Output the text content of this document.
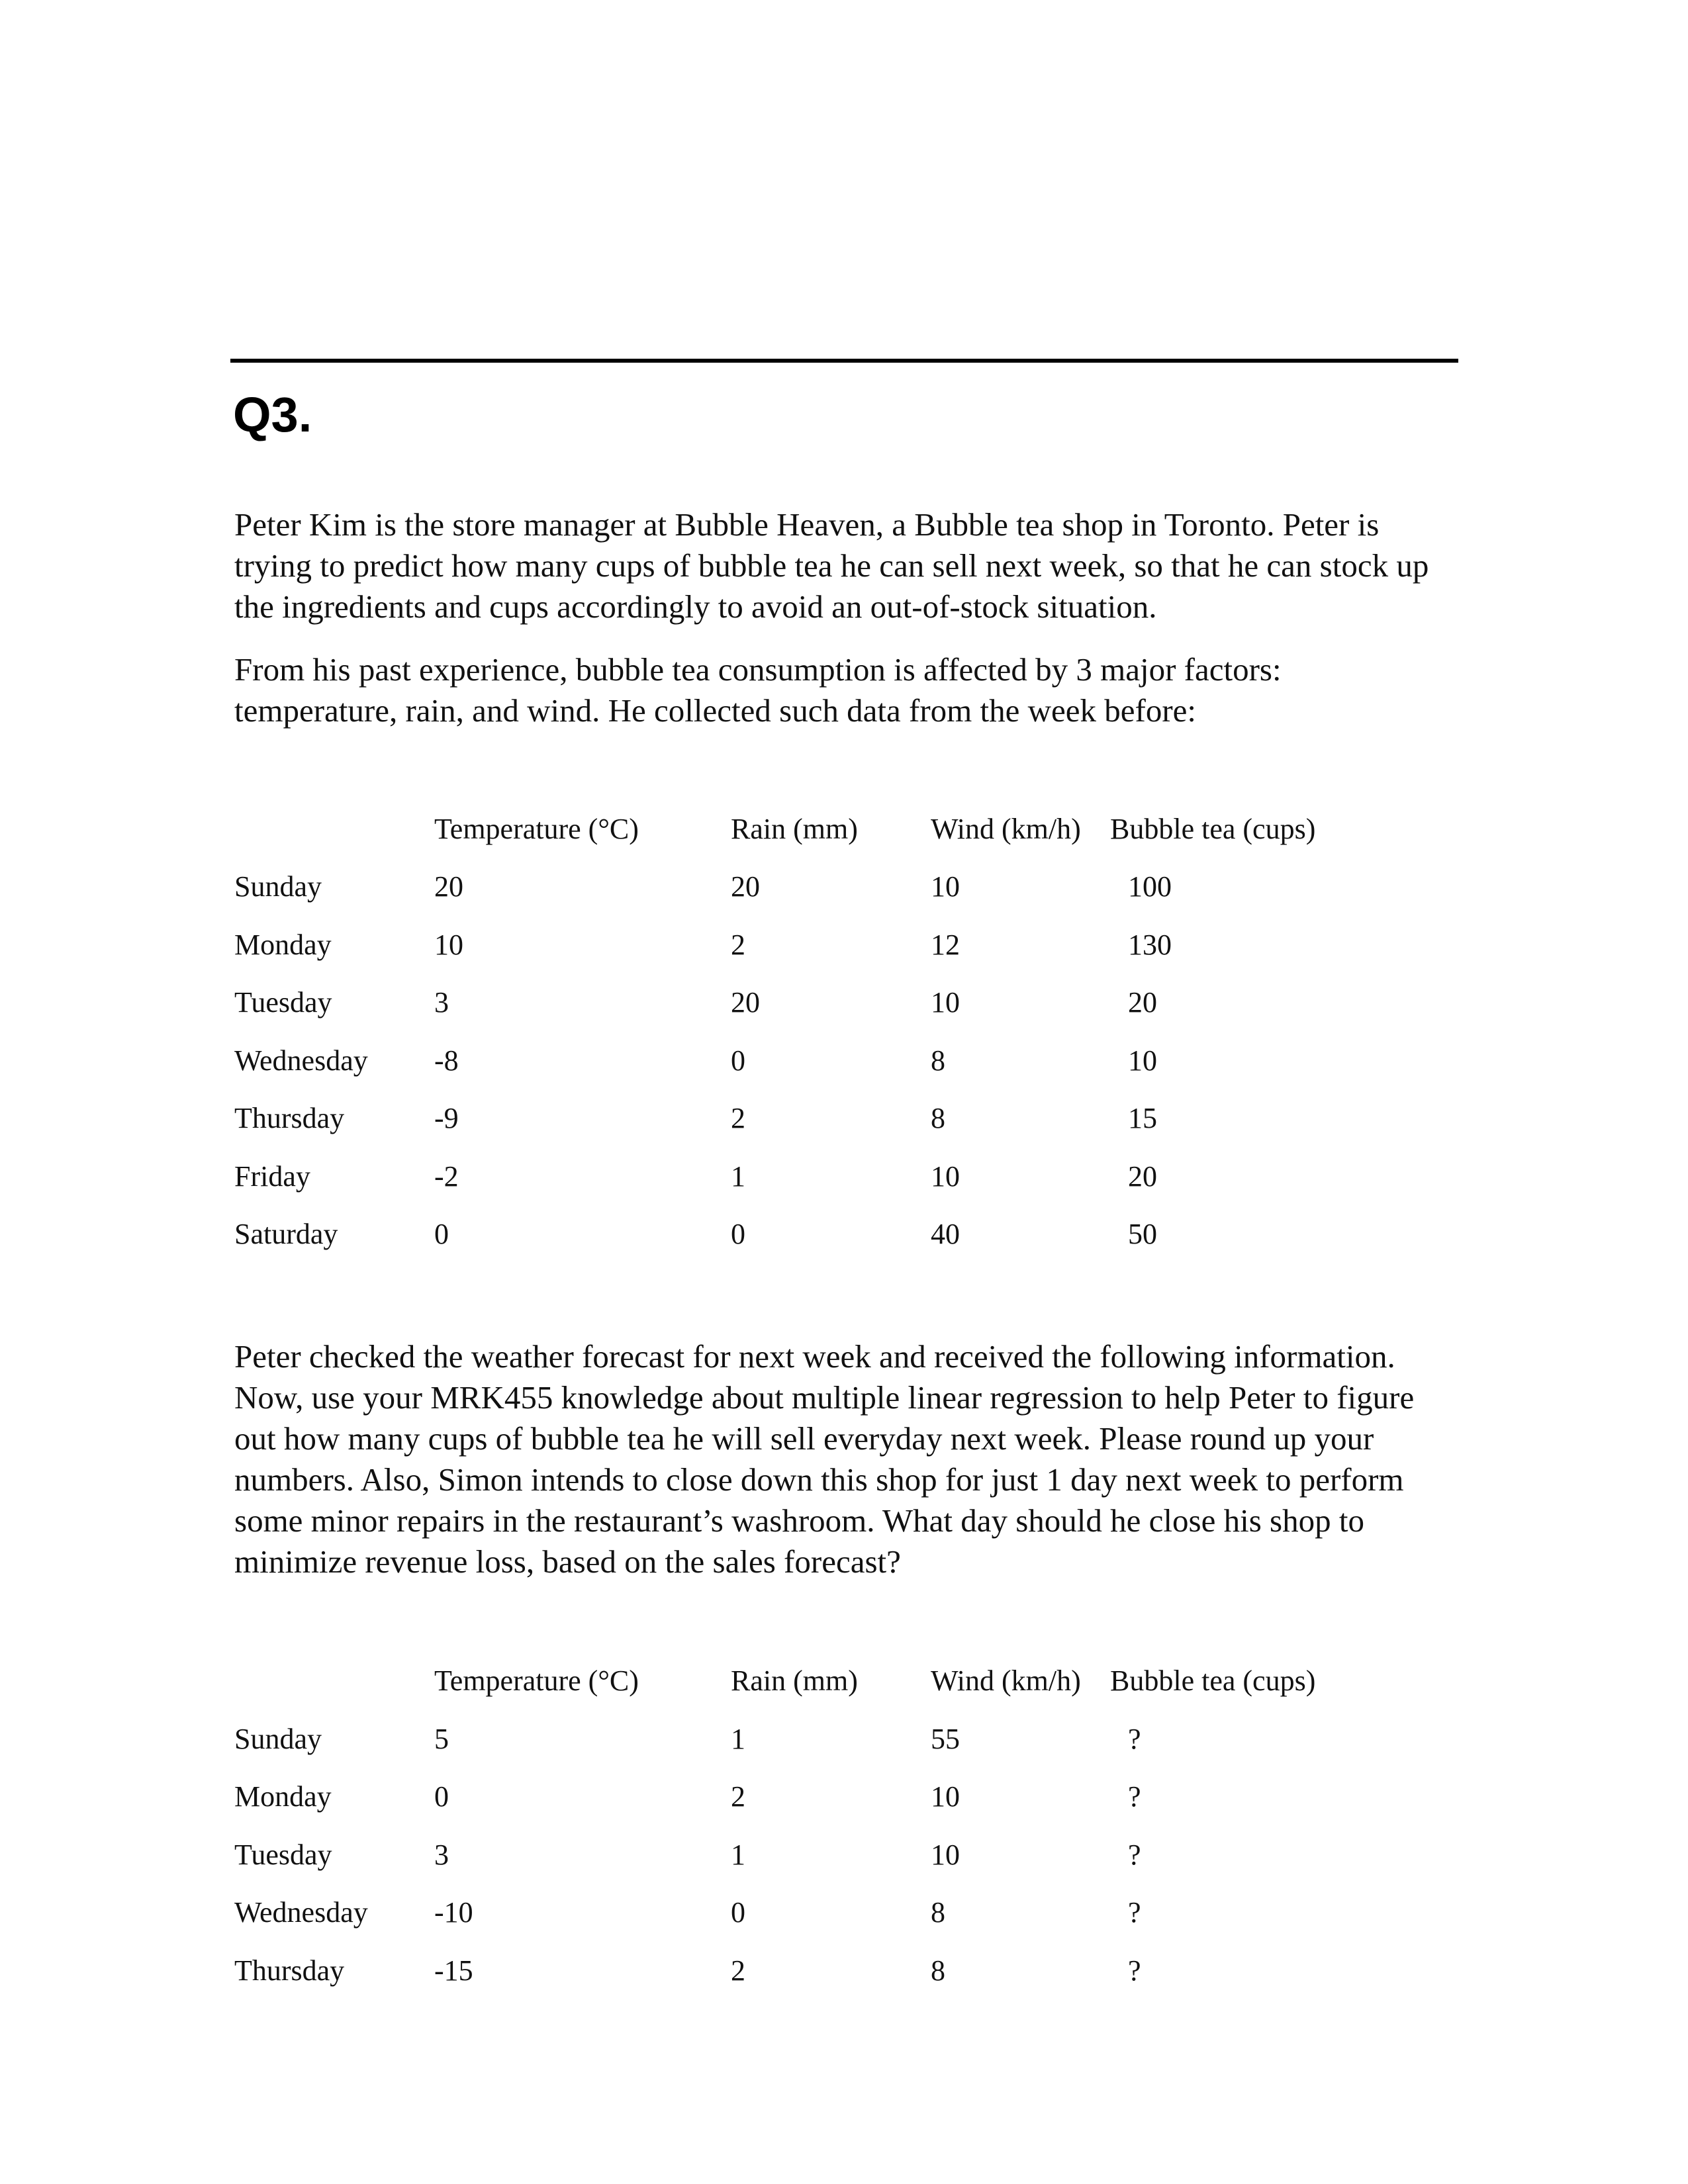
Q3.

Peter Kim is the store manager at Bubble Heaven, a Bubble tea shop in Toronto. Peter is
trying to predict how many cups of bubble tea he can sell next week, so that he can stock up
the ingredients and cups accordingly to avoid an out-of-stock situation.

From his past experience, bubble tea consumption is affected by 3 major factors:
temperature, rain, and wind. He collected such data from the week before:

Temperature (°C)	Rain (mm)	Wind (km/h) Bubble tea (cups)
Sunday	20	20	10	100
Monday	10	2	12	130
Tuesday	3	20	10	20
Wednesday -8	0	8	10
Thursday	-9	2	8	15
Friday	-2	1	10	20
Saturday	0	0	40	50

Peter checked the weather forecast for next week and received the following information.
Now, use your MRK455 knowledge about multiple linear regression to help Peter to figure
out how many cups of bubble tea he will sell everyday next week. Please round up your
numbers. Also, Simon intends to close down this shop for just 1 day next week to perform
some minor repairs in the restaurant’s washroom. What day should he close his shop to
minimize revenue loss, based on the sales forecast?

Temperature (°C)	Rain (mm)	Wind (km/h) Bubble tea (cups)
Sunday	5	1	55	?
Monday	0	2	10	?
Tuesday	3	1	10	?
Wednesday -10	0	8	?
Thursday	-15	2	8	?
